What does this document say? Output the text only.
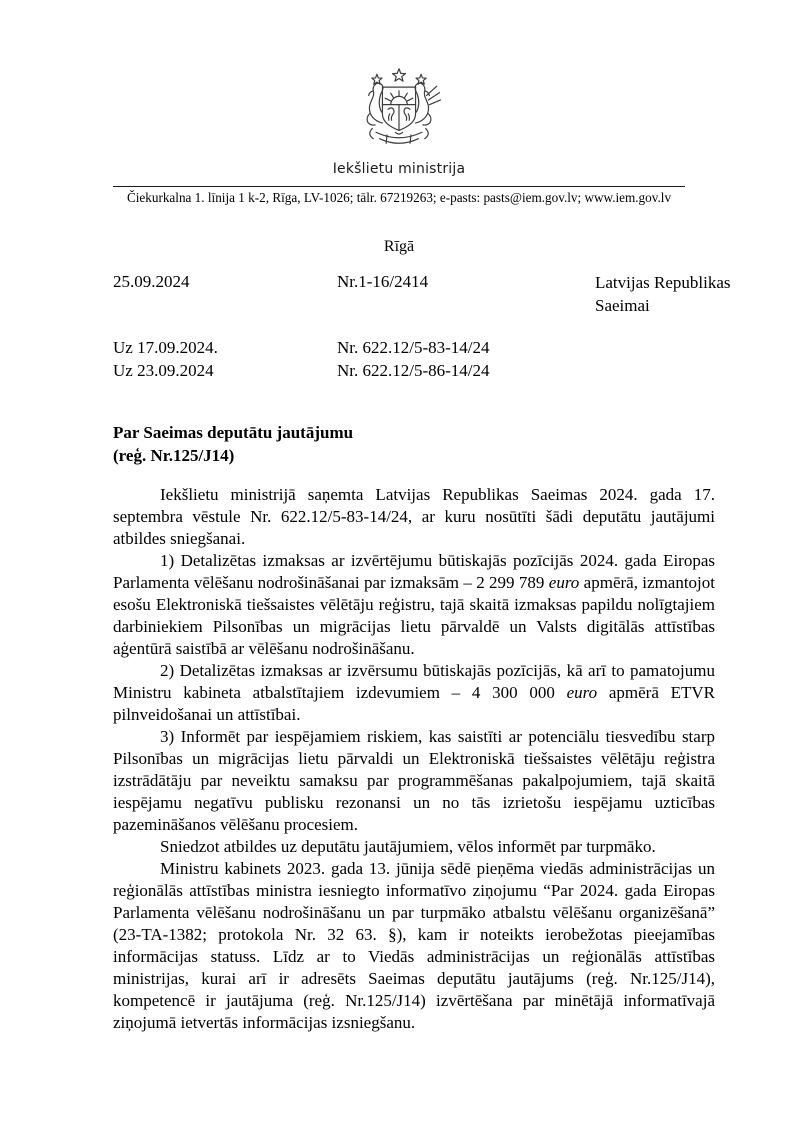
Iekšlietu ministrija
Čiekurkalna 1. līnija 1 k-2, Rīga, LV-1026; tālr. 67219263; e-pasts: pasts@iem.gov.lv; www.iem.gov.lv
Rīgā
25.09.2024	Nr.1-16/2414	Latvijas Republikas Saeimai
Uz 17.09.2024.	Nr. 622.12/5-83-14/24
Uz 23.09.2024	Nr. 622.12/5-86-14/24
Par Saeimas deputātu jautājumu
(reģ. Nr.125/J14)

Iekšlietu ministrijā saņemta Latvijas Republikas Saeimas 2024. gada 17. septembra vēstule Nr. 622.12/5-83-14/24, ar kuru nosūtīti šādi deputātu jautājumi atbildes sniegšanai.

1) Detalizētas izmaksas ar izvērtējumu būtiskajās pozīcijās 2024. gada Eiropas Parlamenta vēlēšanu nodrošināšanai par izmaksām – 2 299 789 euro apmērā, izmantojot esošu Elektroniskā tiešsaistes vēlētāju reģistru, tajā skaitā izmaksas papildu nolīgtajiem darbiniekiem Pilsonības un migrācijas lietu pārvaldē un Valsts digitālās attīstības aģentūrā saistībā ar vēlēšanu nodrošināšanu.

2) Detalizētas izmaksas ar izvērsumu būtiskajās pozīcijās, kā arī to pamatojumu Ministru kabineta atbalstītajiem izdevumiem – 4 300 000 euro apmērā ETVR pilnveidošanai un attīstībai.

3) Informēt par iespējamiem riskiem, kas saistīti ar potenciālu tiesvedību starp Pilsonības un migrācijas lietu pārvaldi un Elektroniskā tiešsaistes vēlētāju reģistra izstrādātāju par neveiktu samaksu par programmēšanas pakalpojumiem, tajā skaitā iespējamu negatīvu publisku rezonansi un no tās izrietošu iespējamu uzticības pazemināšanos vēlēšanu procesiem.

Sniedzot atbildes uz deputātu jautājumiem, vēlos informēt par turpmāko.

Ministru kabinets 2023. gada 13. jūnija sēdē pieņēma viedās administrācijas un reģionālās attīstības ministra iesniegto informatīvo ziņojumu “Par 2024. gada Eiropas Parlamenta vēlēšanu nodrošināšanu un par turpmāko atbalstu vēlēšanu organizēšanā” (23-TA-1382; protokola Nr. 32 63. §), kam ir noteikts ierobežotas pieejamības informācijas statuss. Līdz ar to Viedās administrācijas un reģionālās attīstības ministrijas, kurai arī ir adresēts Saeimas deputātu jautājums (reģ. Nr.125/J14), kompetencē ir jautājuma (reģ. Nr.125/J14) izvērtēšana par minētājā informatīvajā ziņojumā ietvertās informācijas izsniegšanu.
